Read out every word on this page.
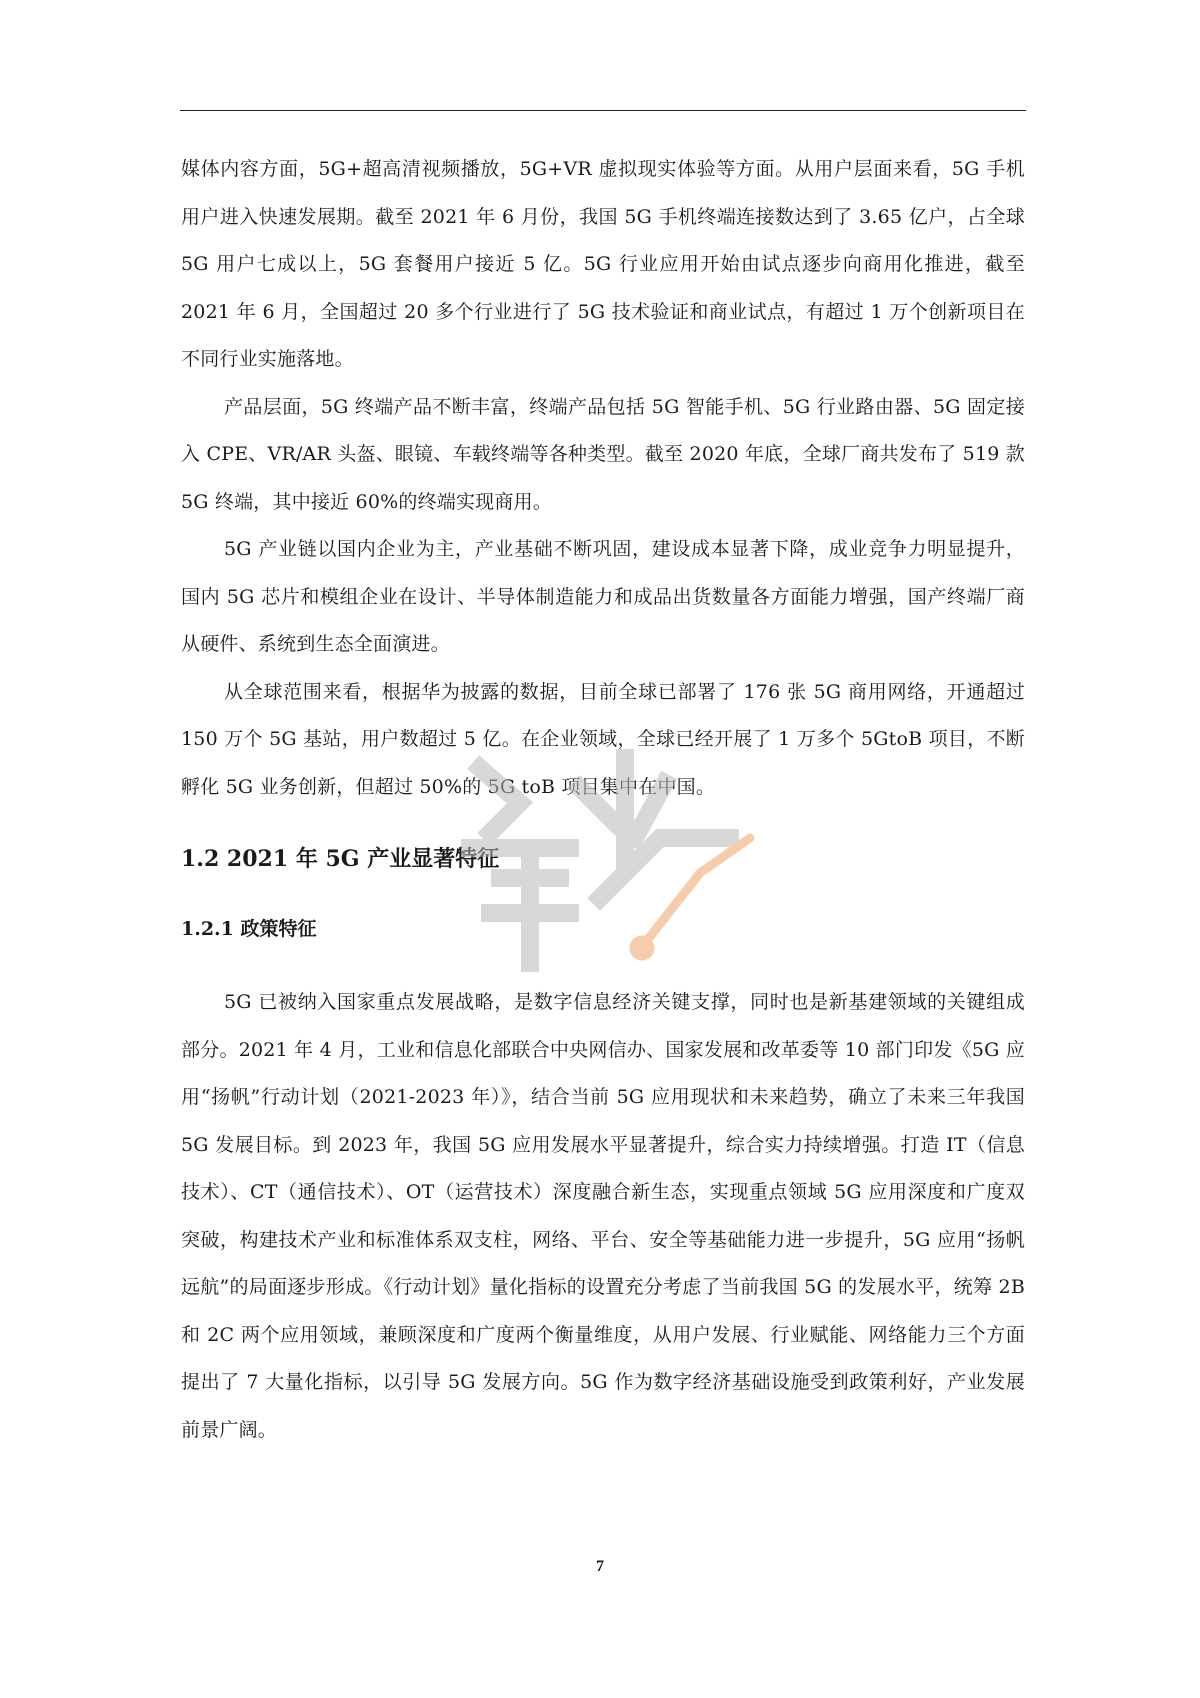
媒体内容方面，5G+超高清视频播放，5G+VR 虚拟现实体验等方面。从用户层面来看，5G 手机用户进入快速发展期。截至 2021 年 6 月份，我国 5G 手机终端连接数达到了 3.65 亿户，占全球 5G 用户七成以上，5G 套餐用户接近 5 亿。5G 行业应用开始由试点逐步向商用化推进，截至 2021 年 6 月，全国超过 20 多个行业进行了 5G 技术验证和商业试点，有超过 1 万个创新项目在不同行业实施落地。

产品层面，5G 终端产品不断丰富，终端产品包括 5G 智能手机、5G 行业路由器、5G 固定接入 CPE、VR/AR 头盔、眼镜、车载终端等各种类型。截至 2020 年底，全球厂商共发布了 519 款 5G 终端，其中接近 60%的终端实现商用。

5G 产业链以国内企业为主，产业基础不断巩固，建设成本显著下降，成业竞争力明显提升，国内 5G 芯片和模组企业在设计、半导体制造能力和成品出货数量各方面能力增强，国产终端厂商从硬件、系统到生态全面演进。

从全球范围来看，根据华为披露的数据，目前全球已部署了 176 张 5G 商用网络，开通超过 150 万个 5G 基站，用户数超过 5 亿。在企业领域，全球已经开展了 1 万多个 5GtoB 项目，不断孵化 5G 业务创新，但超过 50%的 5G toB 项目集中在中国。

1.2 2021 年 5G 产业显著特征
1.2.1 政策特征

5G 已被纳入国家重点发展战略，是数字信息经济关键支撑，同时也是新基建领域的关键组成部分。2021 年 4 月，工业和信息化部联合中央网信办、国家发展和改革委等 10 部门印发《5G 应用“扬帆”行动计划（2021-2023 年）》，结合当前 5G 应用现状和未来趋势，确立了未来三年我国 5G 发展目标。到 2023 年，我国 5G 应用发展水平显著提升，综合实力持续增强。打造 IT（信息技术）、CT（通信技术）、OT（运营技术）深度融合新生态，实现重点领域 5G 应用深度和广度双突破，构建技术产业和标准体系双支柱，网络、平台、安全等基础能力进一步提升，5G 应用“扬帆远航”的局面逐步形成。《行动计划》量化指标的设置充分考虑了当前我国 5G 的发展水平，统筹 2B 和 2C 两个应用领域，兼顾深度和广度两个衡量维度，从用户发展、行业赋能、网络能力三个方面提出了 7 大量化指标，以引导 5G 发展方向。5G 作为数字经济基础设施受到政策利好，产业发展前景广阔。

7
